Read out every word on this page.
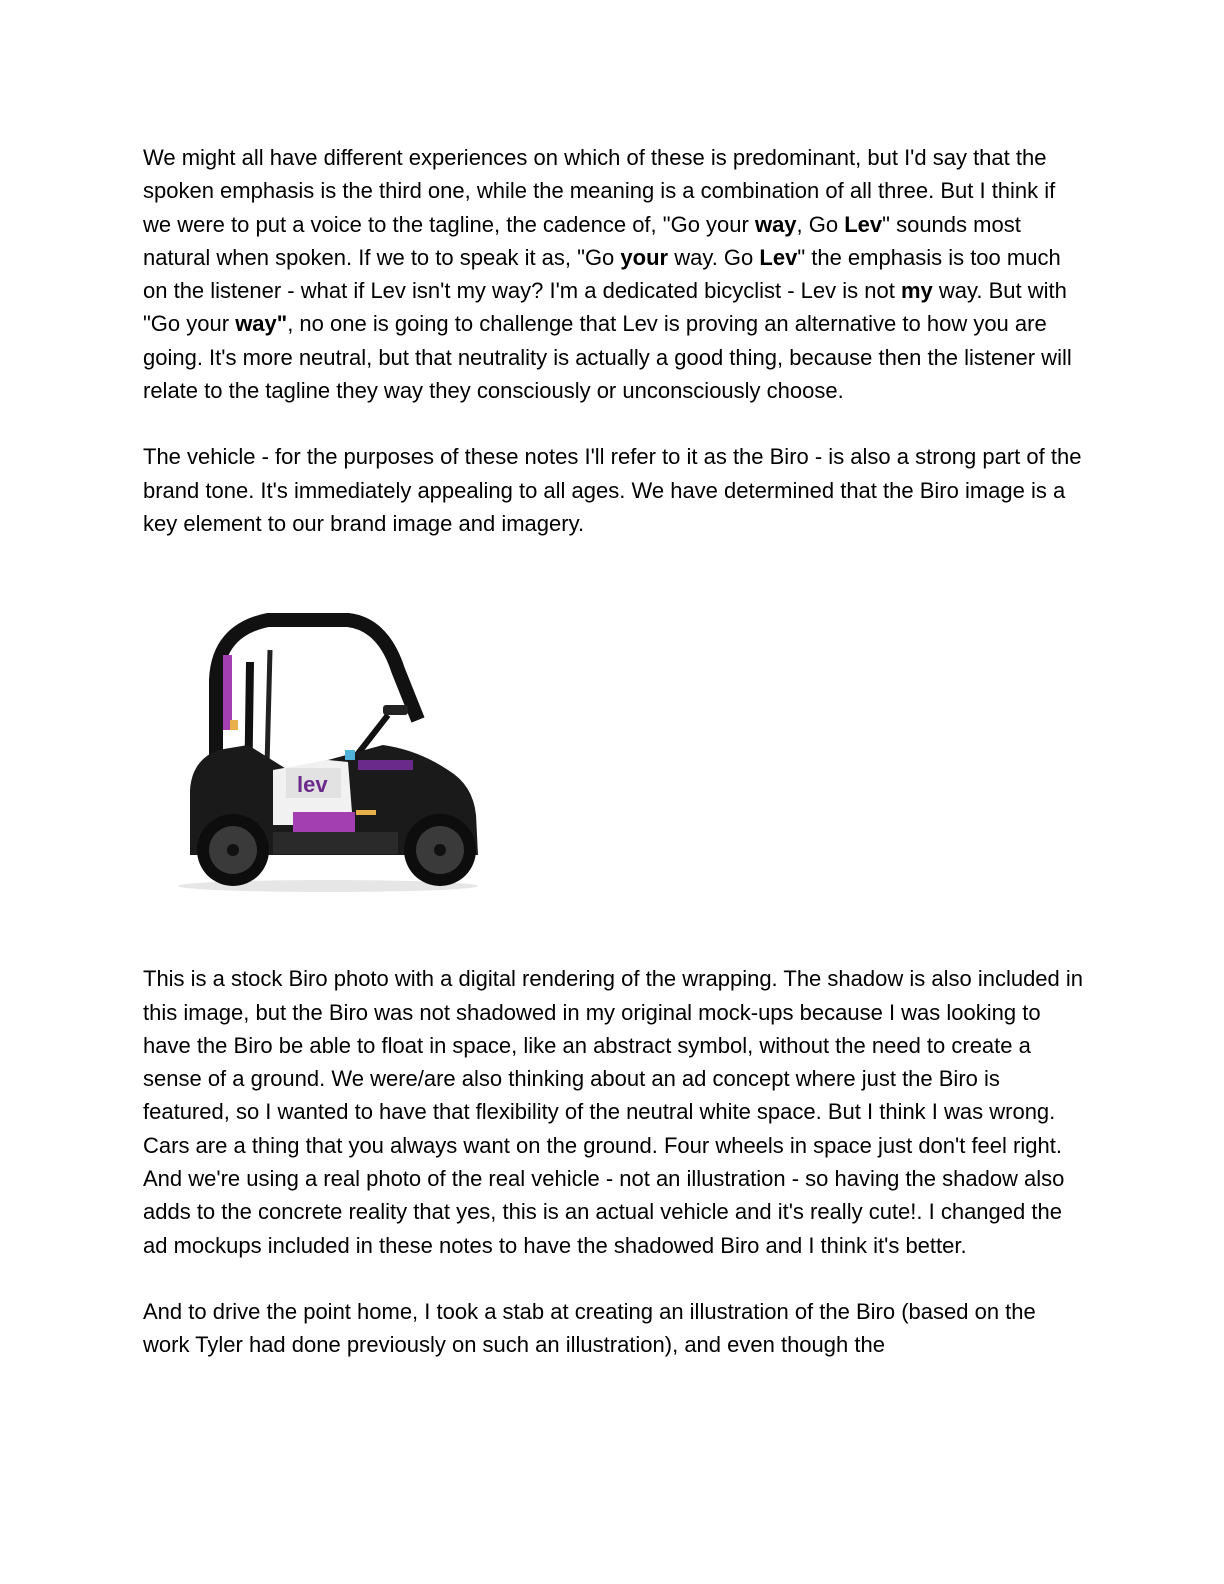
We might all have different experiences on which of these is predominant, but I'd say that the spoken emphasis is the third one, while the meaning is a combination of all three. But I think if we were to put a voice to the tagline, the cadence of, "Go your way, Go Lev" sounds most natural when spoken. If we to to speak it as, "Go your way. Go Lev" the emphasis is too much on the listener - what if Lev isn't my way? I'm a dedicated bicyclist - Lev is not my way. But with "Go your way", no one is going to challenge that Lev is proving an alternative to how you are going. It's more neutral, but that neutrality is actually a good thing, because then the listener will relate to the tagline they way they consciously or unconsciously choose.

The vehicle - for the purposes of these notes I'll refer to it as the Biro - is also a strong part of the brand tone. It's immediately appealing to all ages. We have determined that the Biro image is a key element to our brand image and imagery.

lev

This is a stock Biro photo with a digital rendering of the wrapping. The shadow is also included in this image, but the Biro was not shadowed in my original mock-ups because I was looking to have the Biro be able to float in space, like an abstract symbol, without the need to create a sense of a ground. We were/are also thinking about an ad concept where just the Biro is featured, so I wanted to have that flexibility of the neutral white space. But I think I was wrong. Cars are a thing that you always want on the ground. Four wheels in space just don't feel right. And we're using a real photo of the real vehicle - not an illustration - so having the shadow also adds to the concrete reality that yes, this is an actual vehicle and it's really cute!. I changed the ad mockups included in these notes to have the shadowed Biro and I think it's better.

And to drive the point home, I took a stab at creating an illustration of the Biro (based on the work Tyler had done previously on such an illustration), and even though the
